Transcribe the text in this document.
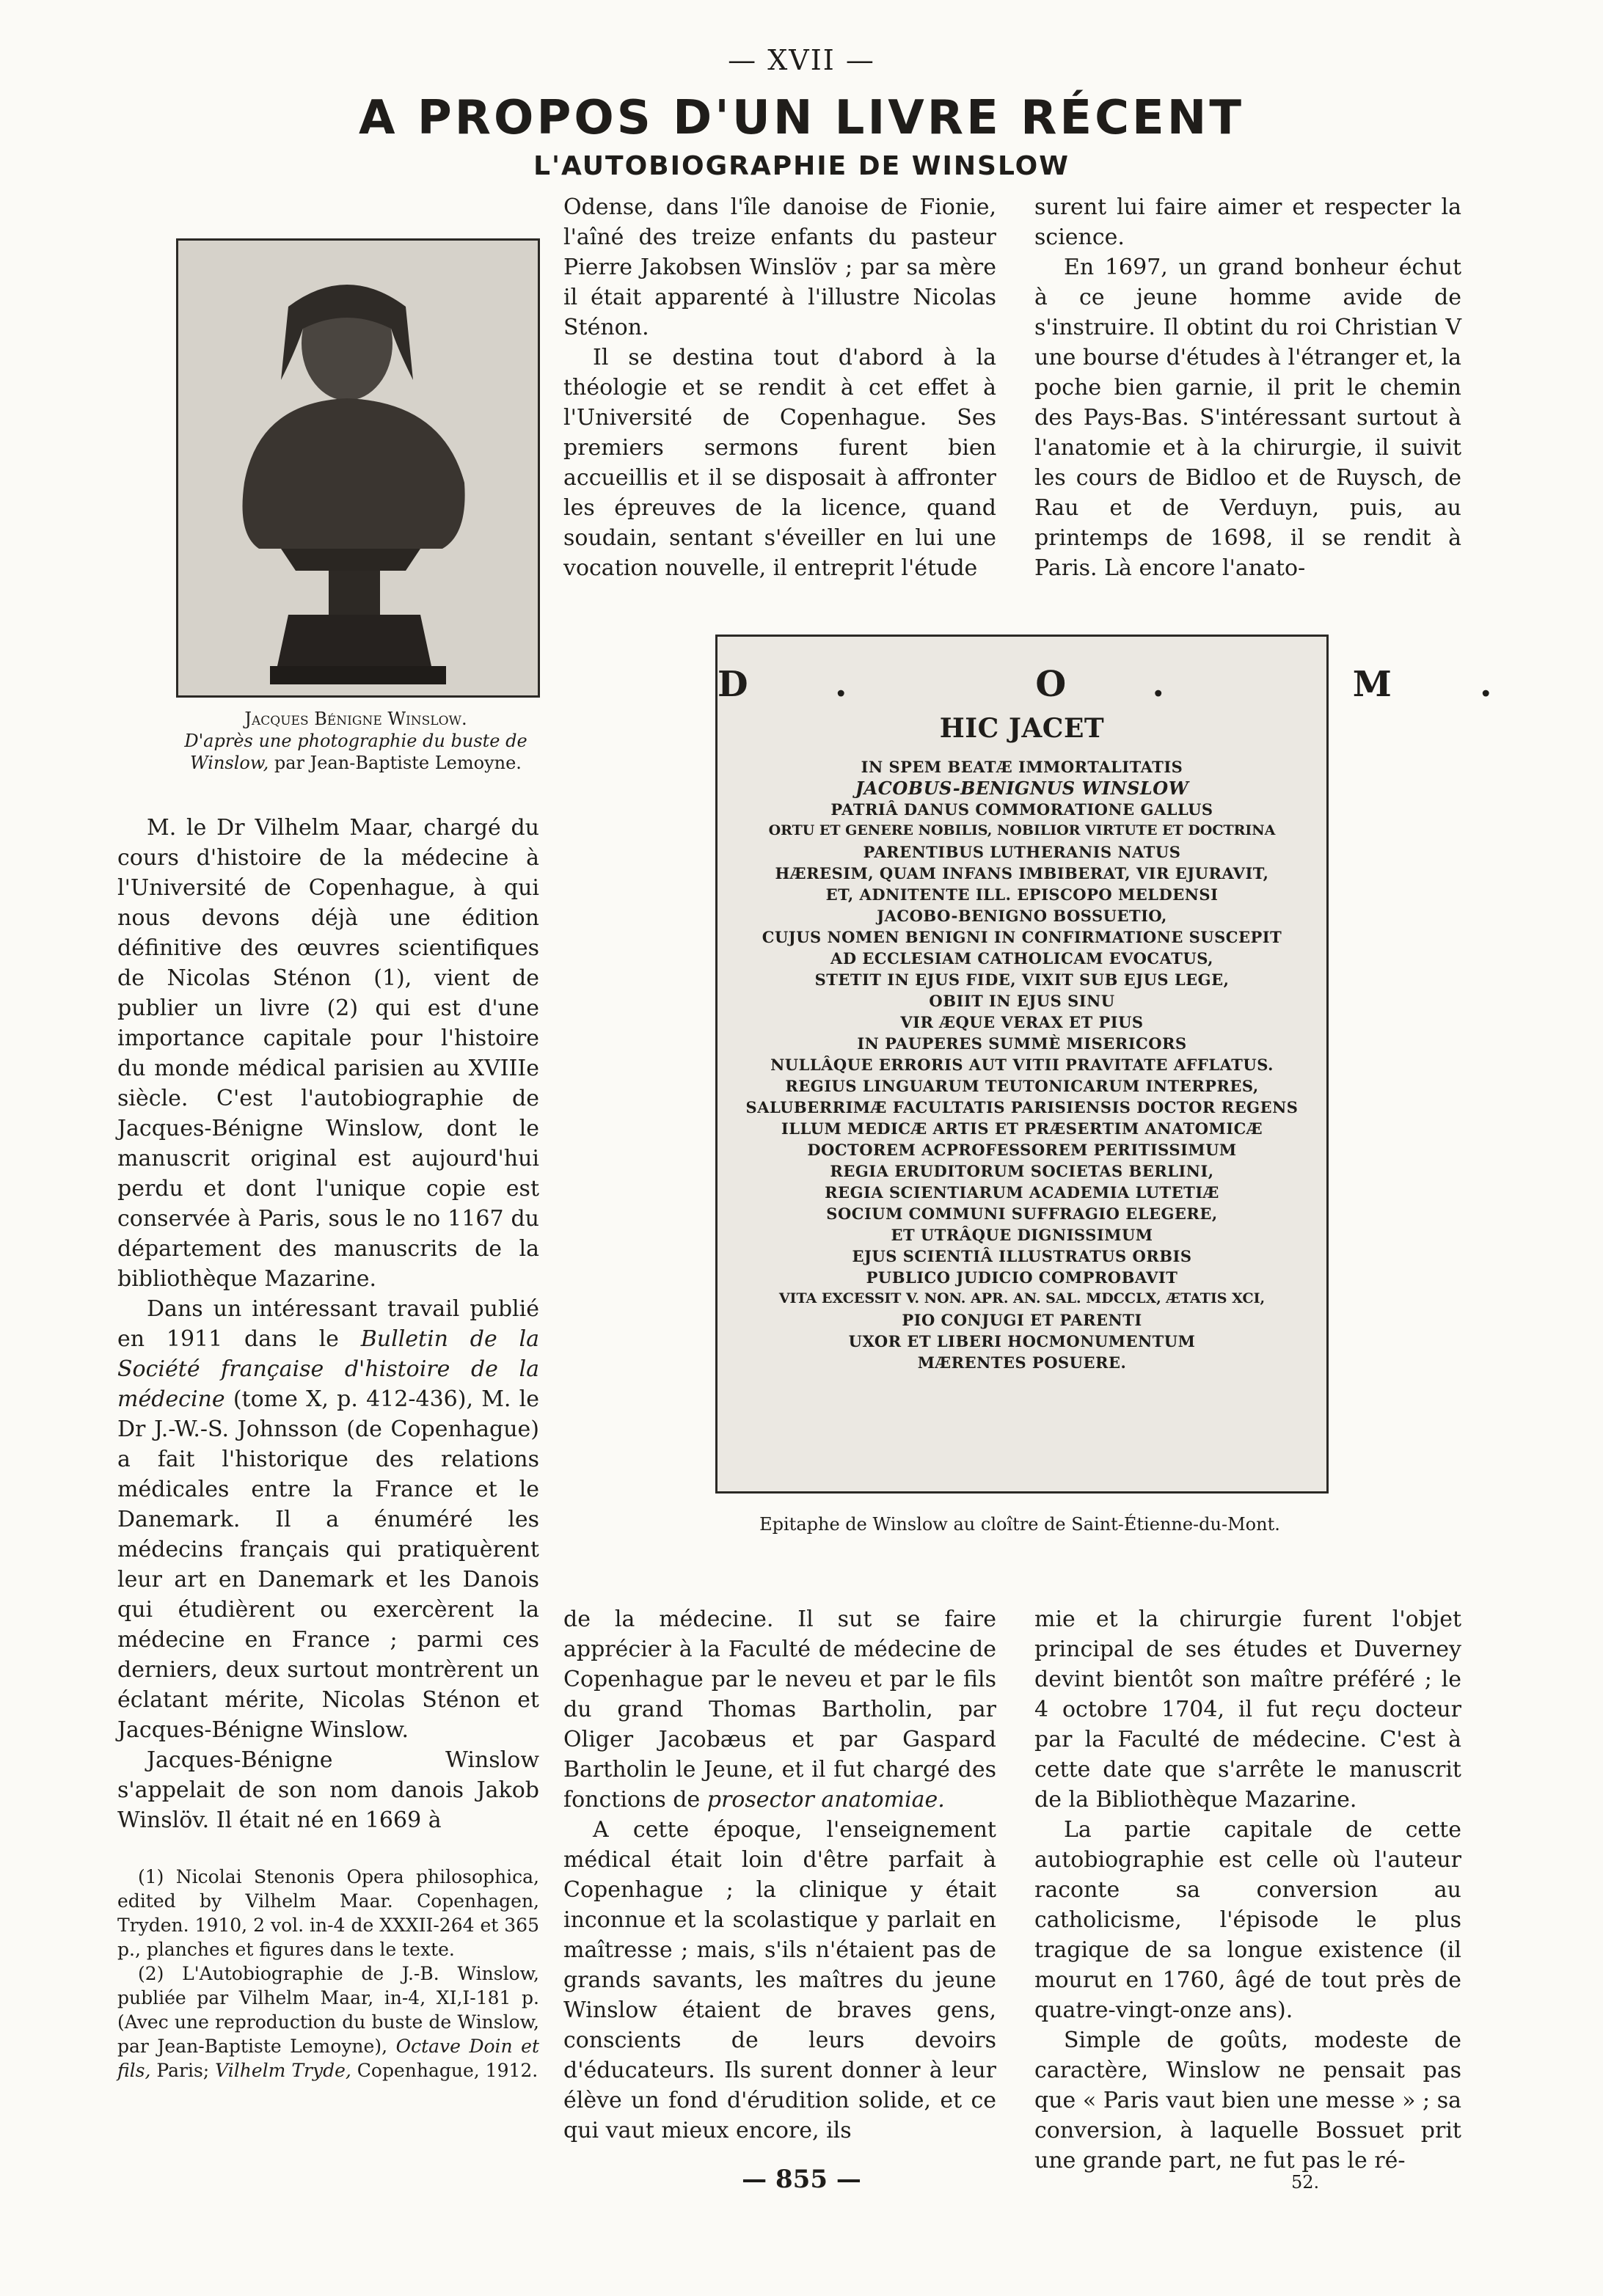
— XVII —
A PROPOS D'UN LIVRE RÉCENT
L'AUTOBIOGRAPHIE DE WINSLOW
Jacques Bénigne Winslow.
D'après une photographie du buste de
Winslow, par Jean-Baptiste Lemoyne.

M. le Dr Vilhelm Maar, chargé du cours d'histoire de la médecine à l'Université de Copenhague, à qui nous devons déjà une édition définitive des œuvres scientifiques de Nicolas Sténon (1), vient de publier un livre (2) qui est d'une importance capitale pour l'histoire du monde médical parisien au XVIIIe siècle. C'est l'autobiographie de Jacques-Bénigne Winslow, dont le manuscrit original est aujourd'hui perdu et dont l'unique copie est conservée à Paris, sous le no 1167 du département des manuscrits de la bibliothèque Mazarine.

Dans un intéressant travail publié en 1911 dans le Bulletin de la Société française d'histoire de la médecine (tome X, p. 412-436), M. le Dr J.-W.-S. Johnsson (de Copenhague) a fait l'historique des relations médicales entre la France et le Danemark. Il a énuméré les médecins français qui pratiquèrent leur art en Danemark et les Danois qui étudièrent ou exercèrent la médecine en France ; parmi ces derniers, deux surtout montrèrent un éclatant mérite, Nicolas Sténon et Jacques-Bénigne Winslow.

Jacques-Bénigne Winslow s'appelait de son nom danois Jakob Winslöv. Il était né en 1669 à

(1) Nicolai Stenonis Opera philosophica, edited by Vilhelm Maar. Copenhagen, Tryden. 1910, 2 vol. in-4 de XXXII-264 et 365 p., planches et figures dans le texte.

(2) L'Autobiographie de J.-B. Winslow, publiée par Vilhelm Maar, in-4, XI,I-181 p. (Avec une reproduction du buste de Winslow, par Jean-Baptiste Lemoyne), Octave Doin et fils, Paris; Vilhelm Tryde, Copenhague, 1912.

Odense, dans l'île danoise de Fionie, l'aîné des treize enfants du pasteur Pierre Jakobsen Winslöv ; par sa mère il était apparenté à l'illustre Nicolas Sténon.

Il se destina tout d'abord à la théologie et se rendit à cet effet à l'Université de Copenhague. Ses premiers sermons furent bien accueillis et il se disposait à affronter les épreuves de la licence, quand soudain, sentant s'éveiller en lui une vocation nouvelle, il entreprit l'étude

surent lui faire aimer et respecter la science.

En 1697, un grand bonheur échut à ce jeune homme avide de s'instruire. Il obtint du roi Christian V une bourse d'études à l'étranger et, la poche bien garnie, il prit le chemin des Pays-Bas. S'intéressant surtout à l'anatomie et à la chirurgie, il suivit les cours de Bidloo et de Ruysch, de Rau et de Verduyn, puis, au printemps de 1698, il se rendit à Paris. Là encore l'anato-

D. O. M.
HIC JACET
IN SPEM BEATÆ IMMORTALITATIS
JACOBUS-BENIGNUS WINSLOW
PATRIÂ DANUS COMMORATIONE GALLUS
ORTU ET GENERE NOBILIS, NOBILIOR VIRTUTE ET DOCTRINA
PARENTIBUS LUTHERANIS NATUS
HÆRESIM, QUAM INFANS IMBIBERAT, VIR EJURAVIT,
ET, ADNITENTE ILL. EPISCOPO MELDENSI
JACOBO-BENIGNO BOSSUETIO,
CUJUS NOMEN BENIGNI IN CONFIRMATIONE SUSCEPIT
AD ECCLESIAM CATHOLICAM EVOCATUS,
STETIT IN EJUS FIDE, VIXIT SUB EJUS LEGE,
OBIIT IN EJUS SINU
VIR ÆQUE VERAX ET PIUS
IN PAUPERES SUMMÈ MISERICORS
NULLÂQUE ERRORIS AUT VITII PRAVITATE AFFLATUS.
REGIUS LINGUARUM TEUTONICARUM INTERPRES,
SALUBERRIMÆ FACULTATIS PARISIENSIS DOCTOR REGENS
ILLUM MEDICÆ ARTIS ET PRÆSERTIM ANATOMICÆ
DOCTOREM ACPROFESSOREM PERITISSIMUM
REGIA ERUDITORUM SOCIETAS BERLINI,
REGIA SCIENTIARUM ACADEMIA LUTETIÆ
SOCIUM COMMUNI SUFFRAGIO ELEGERE,
ET UTRÂQUE DIGNISSIMUM
EJUS SCIENTIÂ ILLUSTRATUS ORBIS
PUBLICO JUDICIO COMPROBAVIT
VITA EXCESSIT V. NON. APR. AN. SAL. MDCCLX, ÆTATIS XCI,
PIO CONJUGI ET PARENTI
UXOR ET LIBERI HOCMONUMENTUM
MÆRENTES POSUERE.
Epitaphe de Winslow au cloître de Saint-Étienne-du-Mont.

de la médecine. Il sut se faire apprécier à la Faculté de médecine de Copenhague par le neveu et par le fils du grand Thomas Bartholin, par Oliger Jacobæus et par Gaspard Bartholin le Jeune, et il fut chargé des fonctions de prosector anatomiae.

A cette époque, l'enseignement médical était loin d'être parfait à Copenhague ; la clinique y était inconnue et la scolastique y parlait en maîtresse ; mais, s'ils n'étaient pas de grands savants, les maîtres du jeune Winslow étaient de braves gens, conscients de leurs devoirs d'éducateurs. Ils surent donner à leur élève un fond d'érudition solide, et ce qui vaut mieux encore, ils

mie et la chirurgie furent l'objet principal de ses études et Duverney devint bientôt son maître préféré ; le 4 octobre 1704, il fut reçu docteur par la Faculté de médecine. C'est à cette date que s'arrête le manuscrit de la Bibliothèque Mazarine.

La partie capitale de cette autobiographie est celle où l'auteur raconte sa conversion au catholicisme, l'épisode le plus tragique de sa longue existence (il mourut en 1760, âgé de tout près de quatre-vingt-onze ans).

Simple de goûts, modeste de caractère, Winslow ne pensait pas que « Paris vaut bien une messe » ; sa conversion, à laquelle Bossuet prit une grande part, ne fut pas le ré-

— 855 —	52.
